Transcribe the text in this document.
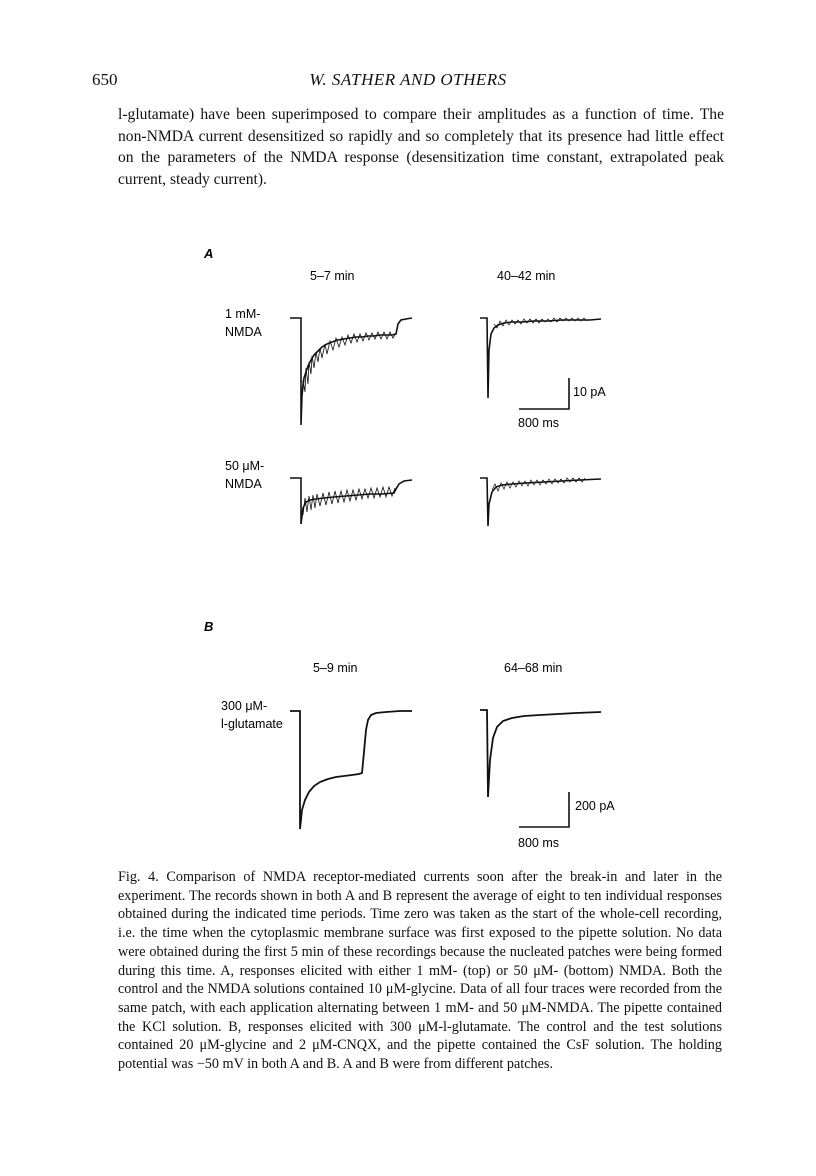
650	W. SATHER AND OTHERS
l-glutamate) have been superimposed to compare their amplitudes as a function of time. The non-NMDA current desensitized so rapidly and so completely that its presence had little effect on the parameters of the NMDA response (desensitization time constant, extrapolated peak current, steady current).
A
5–7 min	40–42 min
1 mM-
NMDA
50 μM-
NMDA
10 pA
800 ms
B
5–9 min	64–68 min
300 μM-
l-glutamate
200 pA
800 ms
Fig. 4. Comparison of NMDA receptor-mediated currents soon after the break-in and later in the experiment. The records shown in both A and B represent the average of eight to ten individual responses obtained during the indicated time periods. Time zero was taken as the start of the whole-cell recording, i.e. the time when the cytoplasmic membrane surface was first exposed to the pipette solution. No data were obtained during the first 5 min of these recordings because the nucleated patches were being formed during this time. A, responses elicited with either 1 mM- (top) or 50 μM- (bottom) NMDA. Both the control and the NMDA solutions contained 10 μM-glycine. Data of all four traces were recorded from the same patch, with each application alternating between 1 mM- and 50 μM-NMDA. The pipette contained the KCl solution. B, responses elicited with 300 μM-l-glutamate. The control and the test solutions contained 20 μM-glycine and 2 μM-CNQX, and the pipette contained the CsF solution. The holding potential was −50 mV in both A and B. A and B were from different patches.
